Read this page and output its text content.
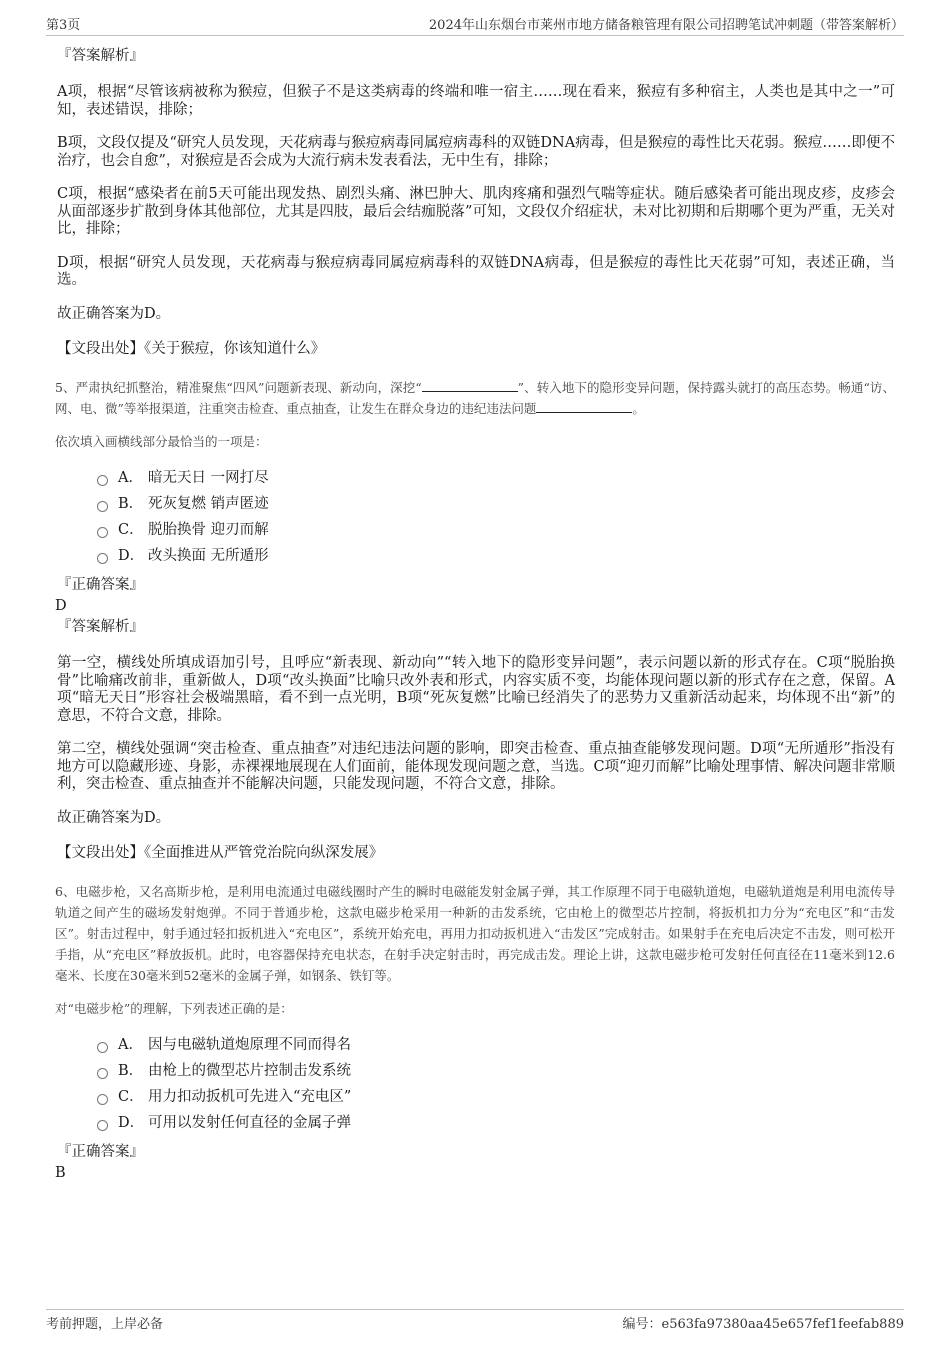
第3页	2024年山东烟台市莱州市地方储备粮管理有限公司招聘笔试冲刺题（带答案解析）
『答案解析』

A项，根据“尽管该病被称为猴痘，但猴子不是这类病毒的终端和唯一宿主……现在看来，猴痘有多种宿主，人类也是其中之一”可知，表述错误，排除；

B项，文段仅提及“研究人员发现，天花病毒与猴痘病毒同属痘病毒科的双链DNA病毒，但是猴痘的毒性比天花弱。猴痘……即便不治疗，也会自愈”，对猴痘是否会成为大流行病未发表看法，无中生有，排除；

C项，根据“感染者在前5天可能出现发热、剧烈头痛、淋巴肿大、肌肉疼痛和强烈气喘等症状。随后感染者可能出现皮疹，皮疹会从面部逐步扩散到身体其他部位，尤其是四肢，最后会结痂脱落”可知，文段仅介绍症状，未对比初期和后期哪个更为严重，无关对比，排除；

D项，根据“研究人员发现，天花病毒与猴痘病毒同属痘病毒科的双链DNA病毒，但是猴痘的毒性比天花弱”可知，表述正确，当选。

故正确答案为D。

【文段出处】《关于猴痘，你该知道什么》

5、严肃执纪抓整治，精准聚焦“四风”问题新表现、新动向，深挖“	”、转入地下的隐形变异问题，保持露头就打的高压态势。畅通“访、网、电、微”等举报渠道，注重突击检查、重点抽查，让发生在群众身边的违纪违法问题	。

依次填入画横线部分最恰当的一项是：

A． 暗无天日 一网打尽
B． 死灰复燃 销声匿迹
C． 脱胎换骨 迎刃而解
D． 改头换面 无所遁形
『正确答案』
D
『答案解析』

第一空，横线处所填成语加引号，且呼应“新表现、新动向”“转入地下的隐形变异问题”，表示问题以新的形式存在。C项“脱胎换骨”比喻痛改前非，重新做人，D项“改头换面”比喻只改外表和形式，内容实质不变，均能体现问题以新的形式存在之意，保留。A项“暗无天日”形容社会极端黑暗，看不到一点光明，B项“死灰复燃”比喻已经消失了的恶势力又重新活动起来，均体现不出“新”的意思，不符合文意，排除。

第二空，横线处强调“突击检查、重点抽查”对违纪违法问题的影响，即突击检查、重点抽查能够发现问题。D项“无所遁形”指没有地方可以隐藏形迹、身影，赤裸裸地展现在人们面前，能体现发现问题之意，当选。C项“迎刃而解”比喻处理事情、解决问题非常顺利，突击检查、重点抽查并不能解决问题，只能发现问题，不符合文意，排除。

故正确答案为D。

【文段出处】《全面推进从严管党治院向纵深发展》

6、电磁步枪，又名高斯步枪，是利用电流通过电磁线圈时产生的瞬时电磁能发射金属子弹，其工作原理不同于电磁轨道炮，电磁轨道炮是利用电流传导轨道之间产生的磁场发射炮弹。不同于普通步枪，这款电磁步枪采用一种新的击发系统，它由枪上的微型芯片控制，将扳机扣力分为“充电区”和“击发区”。射击过程中，射手通过轻扣扳机进入“充电区”，系统开始充电，再用力扣动扳机进入“击发区”完成射击。如果射手在充电后决定不击发，则可松开手指，从“充电区”释放扳机。此时，电容器保持充电状态，在射手决定射击时，再完成击发。理论上讲，这款电磁步枪可发射任何直径在11毫米到12.6毫米、长度在30毫米到52毫米的金属子弹，如钢条、铁钉等。

对“电磁步枪”的理解，下列表述正确的是：

A． 因与电磁轨道炮原理不同而得名
B． 由枪上的微型芯片控制击发系统
C． 用力扣动扳机可先进入“充电区”
D． 可用以发射任何直径的金属子弹
『正确答案』
B
考前押题，上岸必备	编号：e563fa97380aa45e657fef1feefab889
